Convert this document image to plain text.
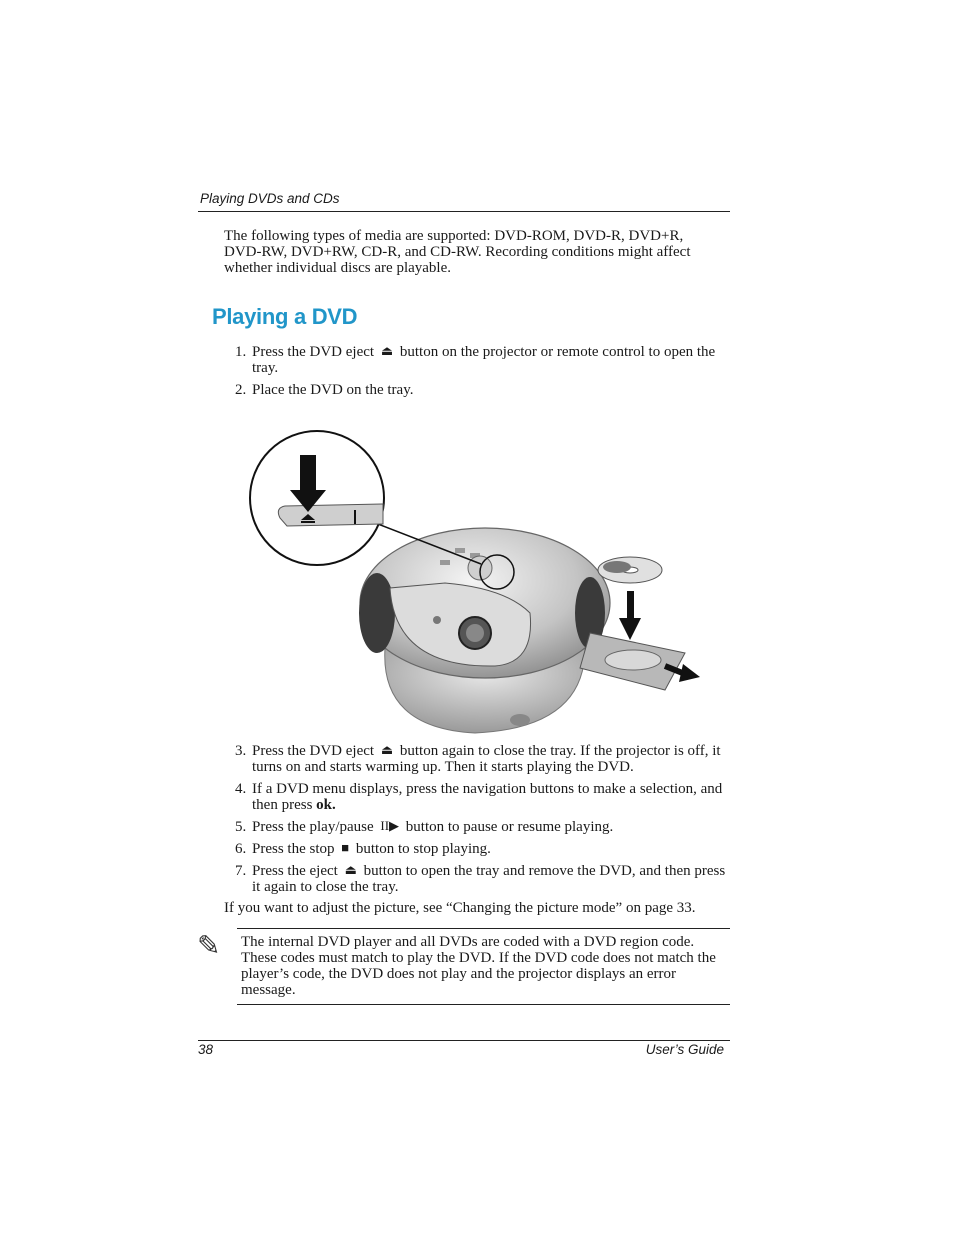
Playing DVDs and CDs

The following types of media are supported: DVD-ROM, DVD-R, DVD+R, DVD-RW, DVD+RW, CD-R, and CD-RW. Recording conditions might affect whether individual discs are playable.

Playing a DVD
1. Press the DVD eject ⏏ button on the projector or remote control to open the tray.
2. Place the DVD on the tray.
3. Press the DVD eject ⏏ button again to close the tray. If the projector is off, it turns on and starts warming up. Then it starts playing the DVD.
4. If a DVD menu displays, press the navigation buttons to make a selection, and then press ok.
5. Press the play/pause II▶ button to pause or resume playing.
6. Press the stop ■ button to stop playing.
7. Press the eject ⏏ button to open the tray and remove the DVD, and then press it again to close the tray.

If you want to adjust the picture, see “Changing the picture mode” on page 33.

✎ The internal DVD player and all DVDs are coded with a DVD region code. These codes must match to play the DVD. If the DVD code does not match the player’s code, the DVD does not play and the projector displays an error message.

38	User’s Guide
